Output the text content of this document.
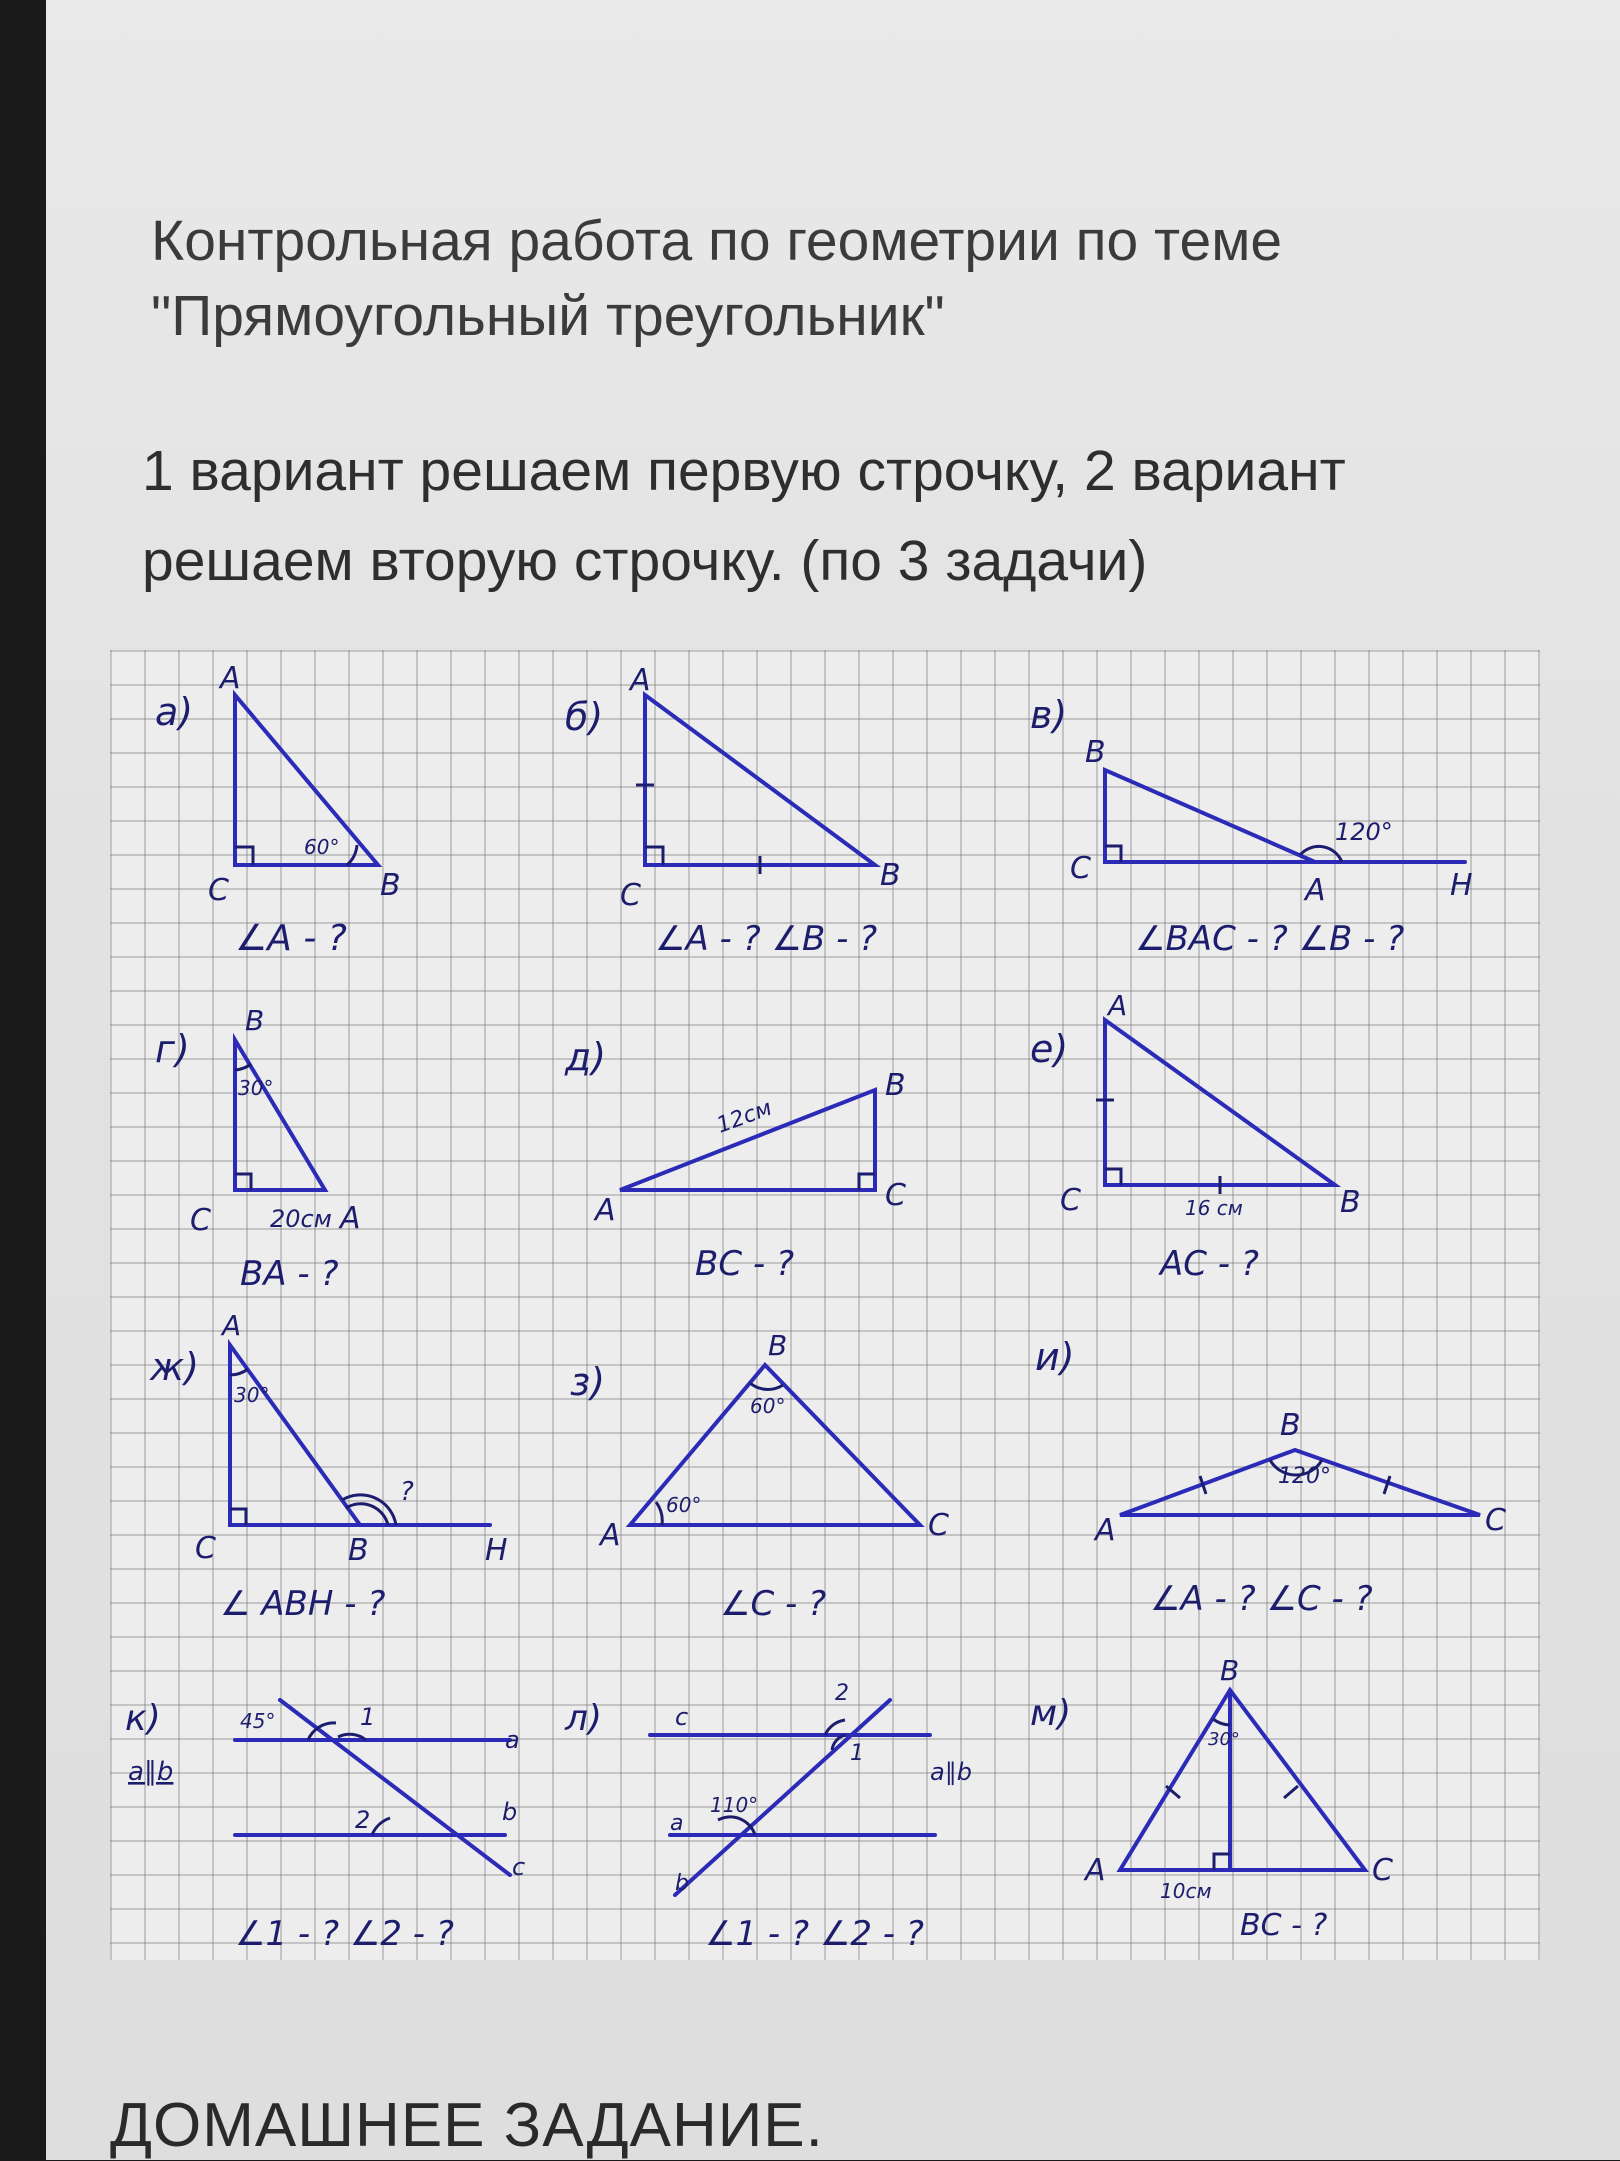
Контрольная работа по геометрии по теме
"Прямоугольный треугольник"
1 вариант решаем первую строчку, 2 вариант
решаем вторую строчку. (по 3 задачи)
а)
А
С	В
60°
∠А - ?
б)
А
С
В
∠А - ? ∠В - ?
в)
В
С
А	Н
120°
∠ВАС - ? ∠В - ?
г)
В
С	А
30°
20см
ВА - ?
д)
А
В
С
12см
ВС - ?
е)
А
С	В
16 см
АС - ?
ж)
А
С	В	Н
30°
?
∠ АВН - ?
з)
В
А	С
60°
60°
∠С - ?
и)
В
А	С
120°
∠А - ? ∠С - ?
к)
a∥b
45°	1
a
2	b
c
∠1 - ? ∠2 - ?
л)	c
2
1
a∥b
a
110°
b
∠1 - ? ∠2 - ?
м)
В
А	С
30°
10см
ВС - ?
ДОМАШНЕЕ ЗАДАНИЕ.
